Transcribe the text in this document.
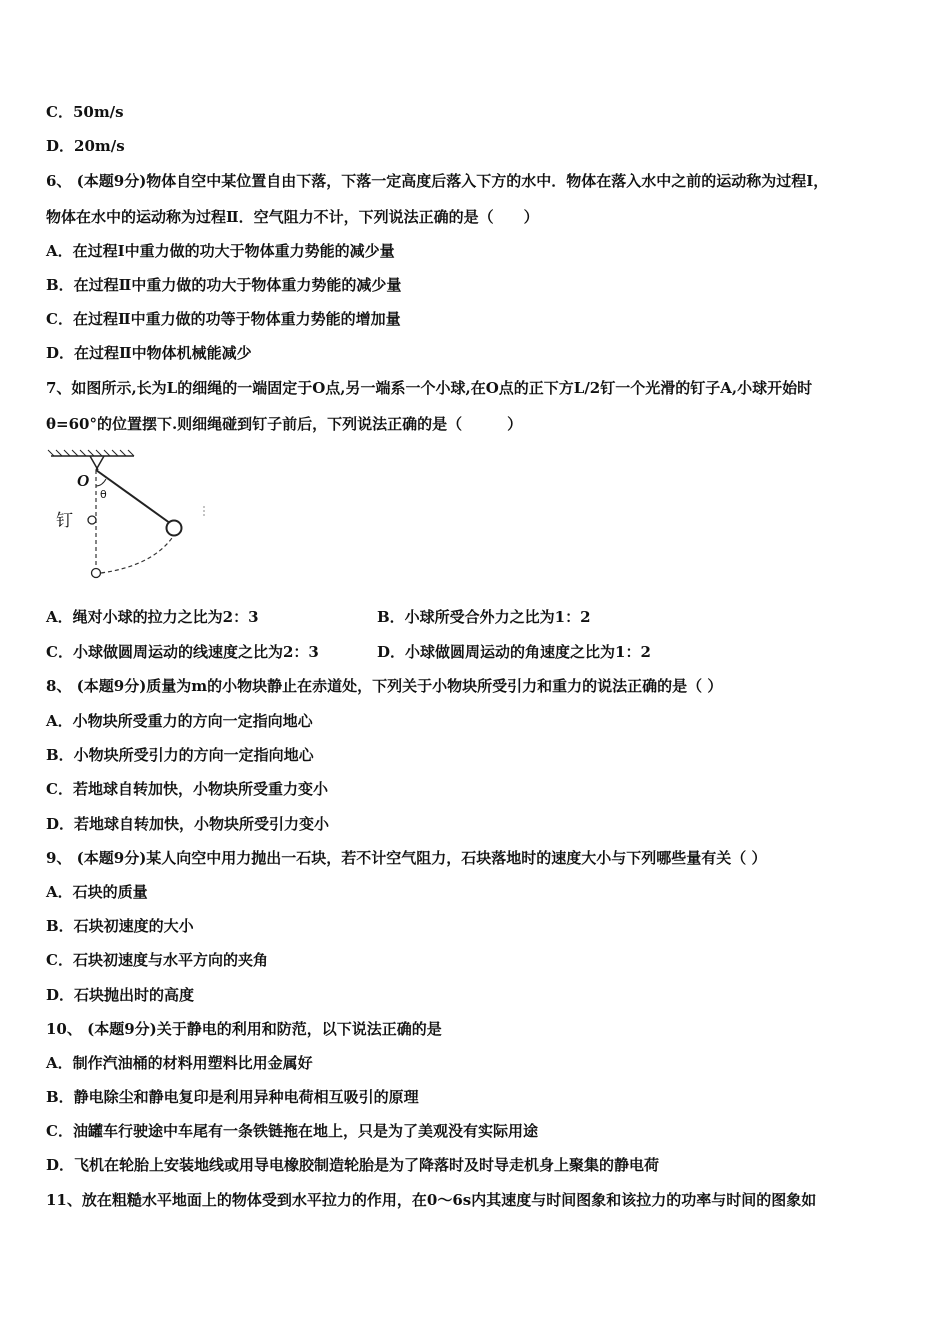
C．50m/s
D．20m/s
6、 (本题9分)物体自空中某位置自由下落，下落一定高度后落入下方的水中．物体在落入水中之前的运动称为过程Ⅰ，
物体在水中的运动称为过程Ⅱ．空气阻力不计，下列说法正确的是（　　）
A．在过程Ⅰ中重力做的功大于物体重力势能的减少量
B．在过程Ⅱ中重力做的功大于物体重力势能的减少量
C．在过程Ⅱ中重力做的功等于物体重力势能的增加量
D．在过程Ⅱ中物体机械能减少
7、如图所示,长为L的细绳的一端固定于O点,另一端系一个小球,在O点的正下方L/2钉一个光滑的钉子A,小球开始时
θ=60°的位置摆下.则细绳碰到钉子前后，下列说法正确的是（　　　）
O
θ
钉
A．绳对小球的拉力之比为2：3	B．小球所受合外力之比为1：2
C．小球做圆周运动的线速度之比为2：3	D．小球做圆周运动的角速度之比为1：2
8、 (本题9分)质量为m的小物块静止在赤道处，下列关于小物块所受引力和重力的说法正确的是（ ）
A．小物块所受重力的方向一定指向地心
B．小物块所受引力的方向一定指向地心
C．若地球自转加快，小物块所受重力变小
D．若地球自转加快，小物块所受引力变小
9、 (本题9分)某人向空中用力抛出一石块，若不计空气阻力，石块落地时的速度大小与下列哪些量有关（ ）
A．石块的质量
B．石块初速度的大小
C．石块初速度与水平方向的夹角
D．石块抛出时的高度
10、 (本题9分)关于静电的利用和防范，以下说法正确的是
A．制作汽油桶的材料用塑料比用金属好
B．静电除尘和静电复印是利用异种电荷相互吸引的原理
C．油罐车行驶途中车尾有一条铁链拖在地上，只是为了美观没有实际用途
D．飞机在轮胎上安装地线或用导电橡胶制造轮胎是为了降落时及时导走机身上聚集的静电荷
11、放在粗糙水平地面上的物体受到水平拉力的作用，在0～6s内其速度与时间图象和该拉力的功率与时间的图象如
